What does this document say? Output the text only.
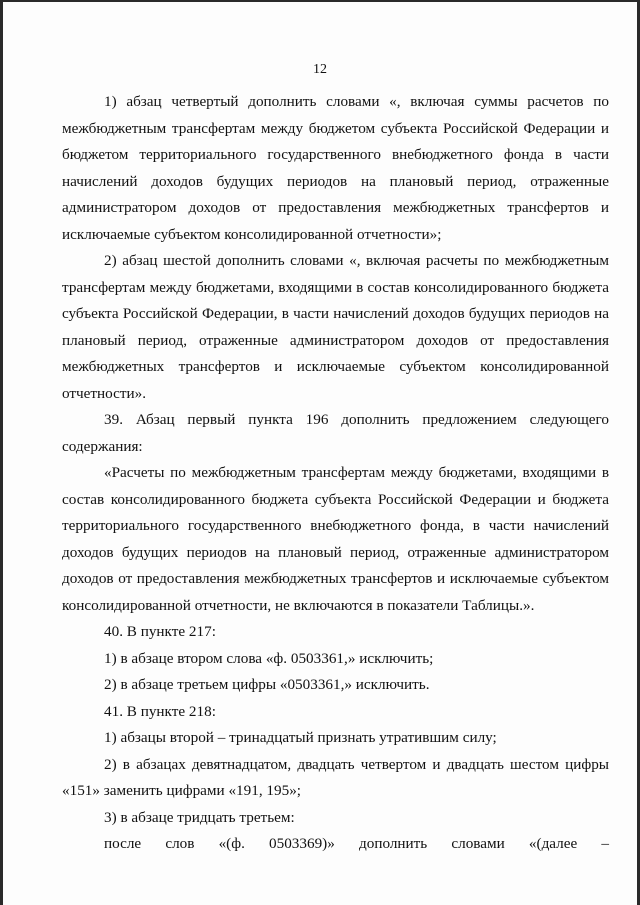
12

1) абзац четвертый дополнить словами «, включая суммы расчетов по межбюджетным трансфертам между бюджетом субъекта Российской Федерации и бюджетом территориального государственного внебюджетного фонда в части начислений доходов будущих периодов на плановый период, отраженные администратором доходов от предоставления межбюджетных трансфертов и исключаемые субъектом консолидированной отчетности»;

2) абзац шестой дополнить словами «, включая расчеты по межбюджетным трансфертам между бюджетами, входящими в состав консолидированного бюджета субъекта Российской Федерации, в части начислений доходов будущих периодов на плановый период, отраженные администратором доходов от предоставления межбюджетных трансфертов и исключаемые субъектом консолидированной отчетности».

39. Абзац первый пункта 196 дополнить предложением следующего содержания:

«Расчеты по межбюджетным трансфертам между бюджетами, входящими в состав консолидированного бюджета субъекта Российской Федерации и бюджета территориального государственного внебюджетного фонда, в части начислений доходов будущих периодов на плановый период, отраженные администратором доходов от предоставления межбюджетных трансфертов и исключаемые субъектом консолидированной отчетности, не включаются в показатели Таблицы.».

40. В пункте 217:

1) в абзаце втором слова «ф. 0503361,» исключить;

2) в абзаце третьем цифры «0503361,» исключить.

41. В пункте 218:

1) абзацы второй – тринадцатый признать утратившим силу;

2) в абзацах девятнадцатом, двадцать четвертом и двадцать шестом цифры «151» заменить цифрами «191, 195»;

3) в абзаце тридцать третьем:

после слов «(ф. 0503369)» дополнить словами «(далее –
